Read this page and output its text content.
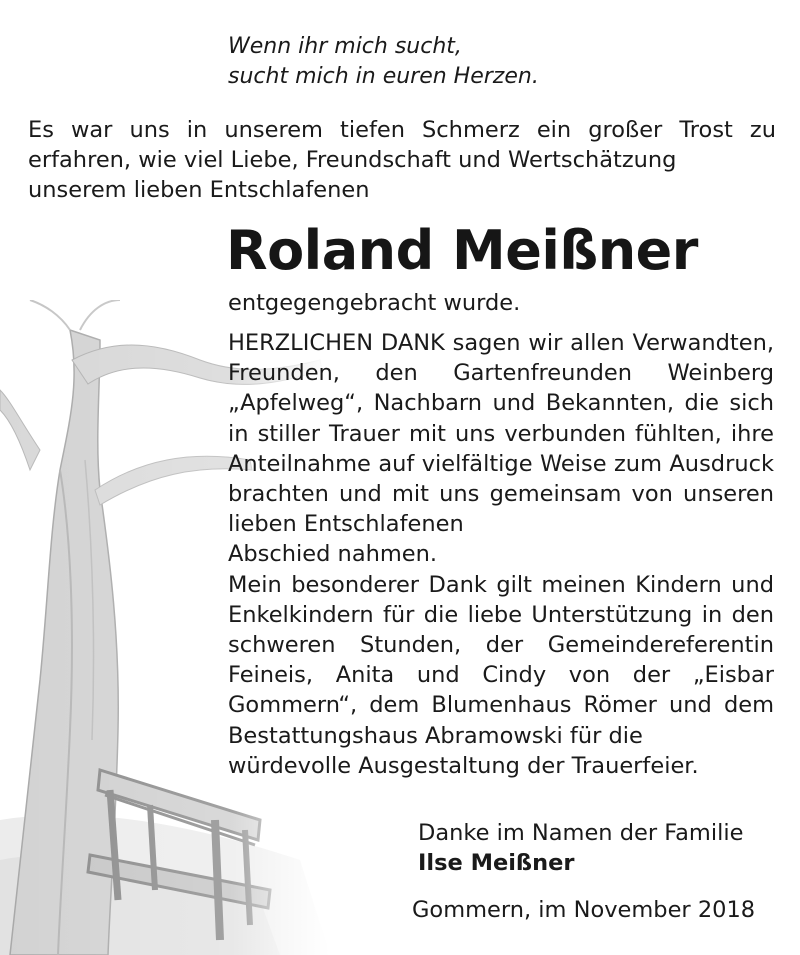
Wenn ihr mich sucht,
sucht mich in euren Herzen.
Es war uns in unserem tiefen Schmerz ein großer Trost zu erfahren, wie viel Liebe, Freundschaft und Wertschätzung
unserem lieben Entschlafenen
Roland Meißner
entgegengebracht wurde.

HERZLICHEN DANK sagen wir allen Verwandten, Freunden, den Gartenfreunden Weinberg „Apfelweg“, Nachbarn und Bekannten, die sich in stiller Trauer mit uns verbunden fühlten, ihre Anteilnahme auf vielfältige Weise zum Ausdruck brachten und mit uns gemeinsam von unseren lieben Entschlafenen

Abschied nahmen.

Mein besonderer Dank gilt meinen Kindern und Enkelkindern für die liebe Unterstützung in den schweren Stunden, der Gemeindereferentin Feineis, Anita und Cindy von der „Eisbar Gommern“, dem Blumenhaus Römer und dem Bestattungshaus Abramowski für die

würdevolle Ausgestaltung der Trauerfeier.

Danke im Namen der Familie
Ilse Meißner
Gommern, im November 2018
